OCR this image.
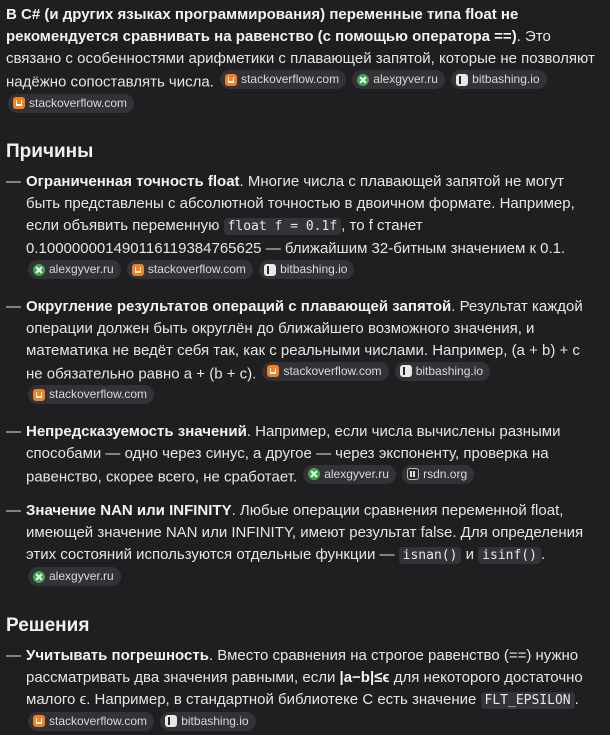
В C# (и других языках программирования) переменные типа float не рекомендуется сравнивать на равенство (с помощью оператора ==). Это связано с особенностями арифметики с плавающей запятой, которые не позволяют надёжно сопоставлять числа. stackoverflow.com
	alexgyver.ru
	bitbashing.io

stackoverflow.com

Причины
— Ограниченная точность float. Многие числа с плавающей запятой не могут быть представлены с абсолютной точностью в двоичном формате. Например, если объявить переменную float f = 0.1f , то f станет 0.100000001490116119384765625 — ближайшим 32-битным значением к 0.1.
alexgyver.ru
	stackoverflow.com
	bitbashing.io
— Округление результатов операций с плавающей запятой. Результат каждой операции должен быть округлён до ближайшего возможного значения, и математика не ведёт себя так, как с реальными числами. Например, (a + b) + c не обязательно равно a + (b + c). stackoverflow.com
	bitbashing.io

stackoverflow.com
— Непредсказуемость значений. Например, если числа вычислены разными способами — одно через синус, а другое — через экспоненту, проверка на равенство, скорее всего, не сработает. alexgyver.ru
	rsdn.org
— Значение NAN или INFINITY. Любые операции сравнения переменной float, имеющей значение NAN или INFINITY, имеют результат false. Для определения этих состояний используются отдельные функции — isnan() и isinf() .
alexgyver.ru
Решения
— Учитывать погрешность. Вместо сравнения на строгое равенство (==) нужно рассматривать два значения равными, если |a−b|≤ϵ для некоторого достаточно малого ϵ. Например, в стандартной библиотеке C есть значение FLT_EPSILON .
stackoverflow.com
	bitbashing.io
